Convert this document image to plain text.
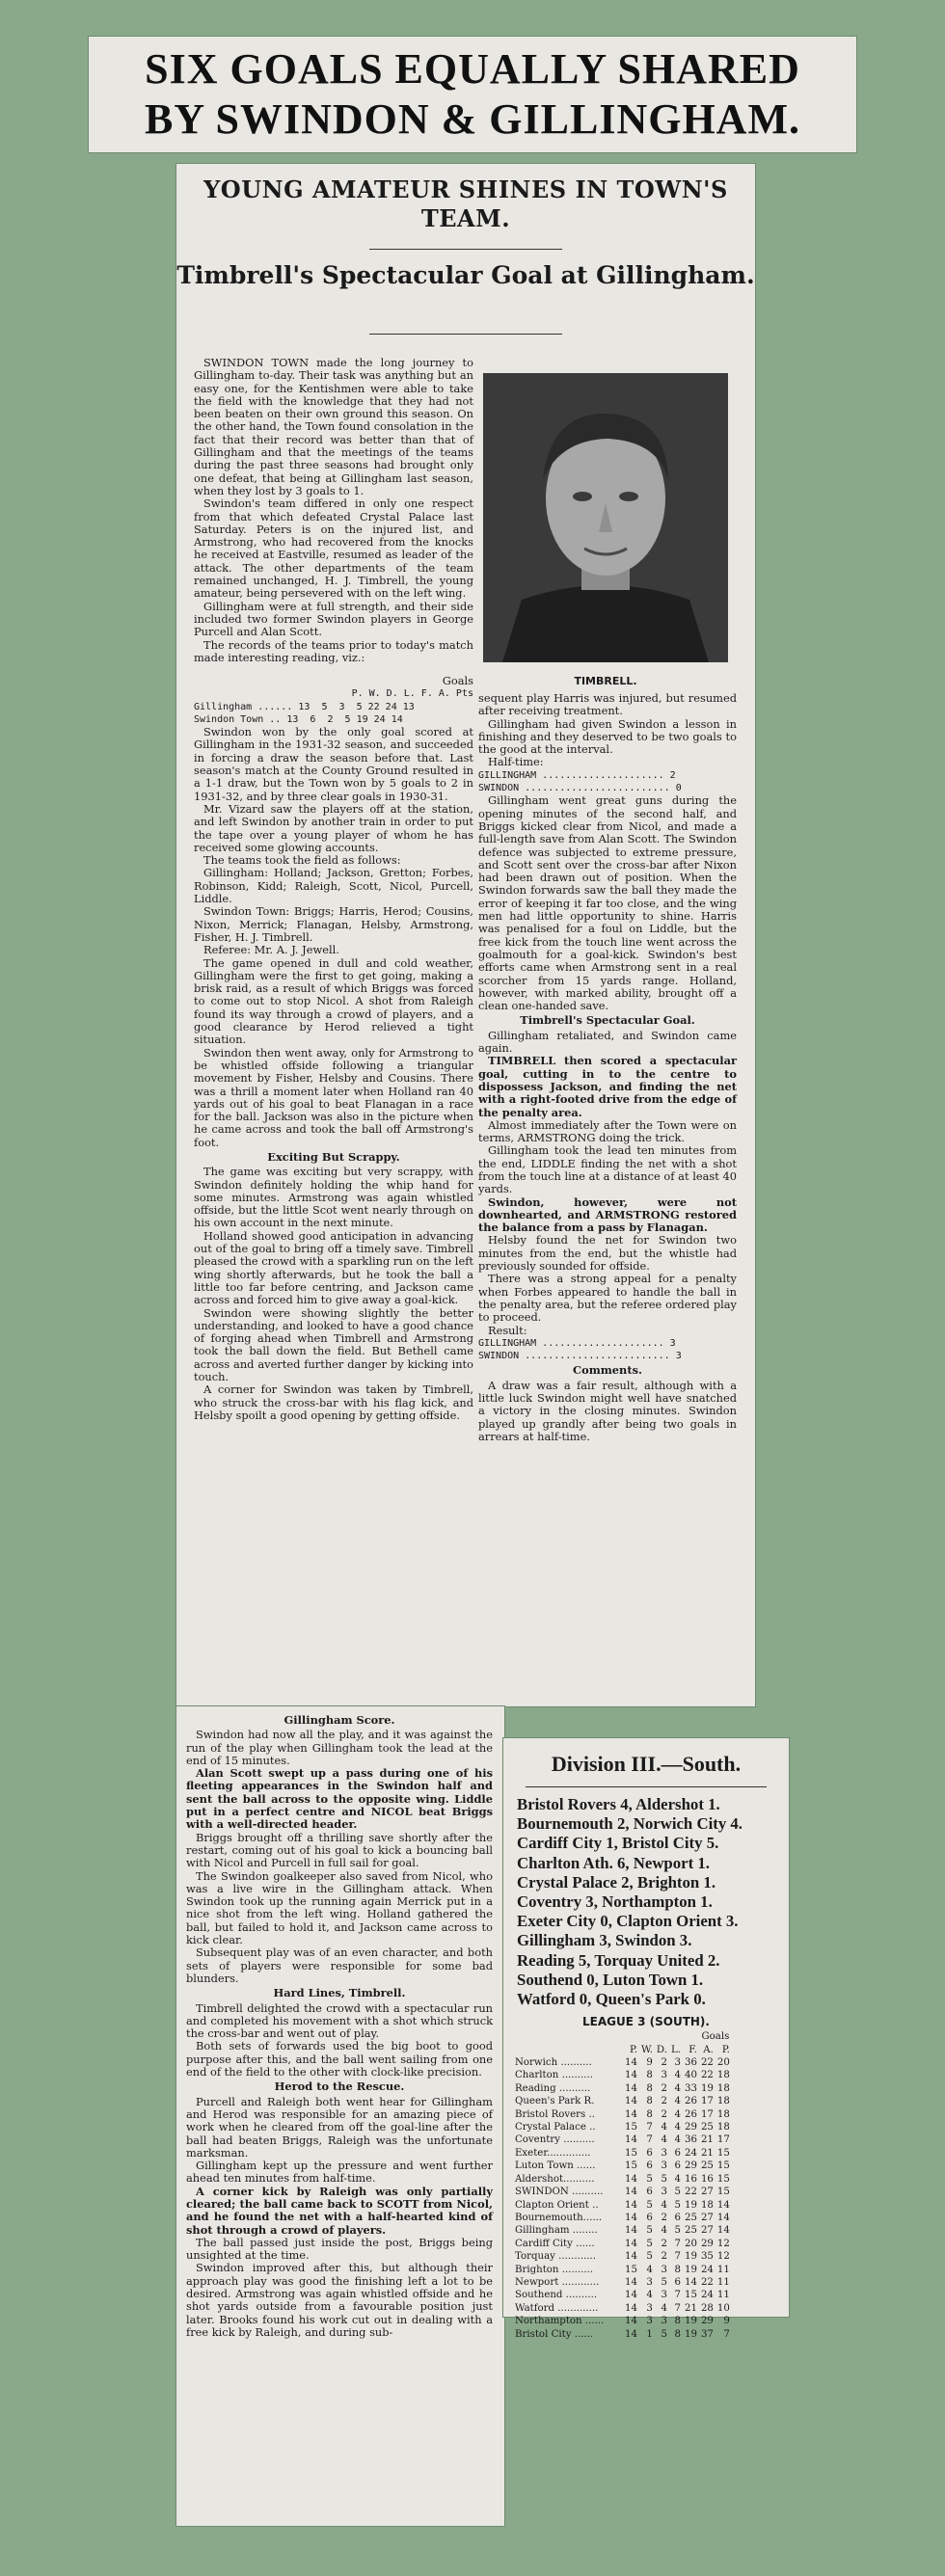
SIX GOALS EQUALLY SHARED
BY SWINDON & GILLINGHAM.
YOUNG AMATEUR SHINES IN TOWN'S TEAM.
Timbrell's Spectacular Goal at Gillingham.

SWINDON TOWN made the long journey to Gillingham to-day. Their task was anything but an easy one, for the Kentishmen were able to take the field with the knowledge that they had not been beaten on their own ground this season. On the other hand, the Town found consolation in the fact that their record was better than that of Gillingham and that the meetings of the teams during the past three seasons had brought only one defeat, that being at Gillingham last season, when they lost by 3 goals to 1.

Swindon's team differed in only one respect from that which defeated Crystal Palace last Saturday. Peters is on the injured list, and Armstrong, who had recovered from the knocks he received at Eastville, resumed as leader of the attack. The other departments of the team remained unchanged, H. J. Timbrell, the young amateur, being persevered with on the left wing.

Gillingham were at full strength, and their side included two former Swindon players in George Purcell and Alan Scott.

The records of the teams prior to today's match made interesting reading, viz.:

TIMBRELL.

Goals

P. W. D. L. F. A. Pts

Gillingham ...... 13  5  3  5 22 24 13

Swindon Town .. 13  6  2  5 19 24 14

Swindon won by the only goal scored at Gillingham in the 1931-32 season, and succeeded in forcing a draw the season before that. Last season's match at the County Ground resulted in a 1-1 draw, but the Town won by 5 goals to 2 in 1931-32, and by three clear goals in 1930-31.

Mr. Vizard saw the players off at the station, and left Swindon by another train in order to put the tape over a young player of whom he has received some glowing accounts.

The teams took the field as follows:

Gillingham: Holland; Jackson, Gretton; Forbes, Robinson, Kidd; Raleigh, Scott, Nicol, Purcell, Liddle.

Swindon Town: Briggs; Harris, Herod; Cousins, Nixon, Merrick; Flanagan, Helsby, Armstrong, Fisher, H. J. Timbrell.

Referee: Mr. A. J. Jewell.

The game opened in dull and cold weather, Gillingham were the first to get going, making a brisk raid, as a result of which Briggs was forced to come out to stop Nicol. A shot from Raleigh found its way through a crowd of players, and a good clearance by Herod relieved a tight situation.

Swindon then went away, only for Armstrong to be whistled offside following a triangular movement by Fisher, Helsby and Cousins. There was a thrill a moment later when Holland ran 40 yards out of his goal to beat Flanagan in a race for the ball. Jackson was also in the picture when he came across and took the ball off Armstrong's foot.

Exciting But Scrappy.

The game was exciting but very scrappy, with Swindon definitely holding the whip hand for some minutes. Armstrong was again whistled offside, but the little Scot went nearly through on his own account in the next minute.

Holland showed good anticipation in advancing out of the goal to bring off a timely save. Timbrell pleased the crowd with a sparkling run on the left wing shortly afterwards, but he took the ball a little too far before centring, and Jackson came across and forced him to give away a goal-kick.

Swindon were showing slightly the better understanding, and looked to have a good chance of forging ahead when Timbrell and Armstrong took the ball down the field. But Bethell came across and averted further danger by kicking into touch.

A corner for Swindon was taken by Timbrell, who struck the cross-bar with his flag kick, and Helsby spoilt a good opening by getting offside.

sequent play Harris was injured, but resumed after receiving treatment.

Gillingham had given Swindon a lesson in finishing and they deserved to be two goals to the good at the interval.

Half-time:

GILLINGHAM ..................... 2

SWINDON ......................... 0

Gillingham went great guns during the opening minutes of the second half, and Briggs kicked clear from Nicol, and made a full-length save from Alan Scott. The Swindon defence was subjected to extreme pressure, and Scott sent over the cross-bar after Nixon had been drawn out of position. When the Swindon forwards saw the ball they made the error of keeping it far too close, and the wing men had little opportunity to shine. Harris was penalised for a foul on Liddle, but the free kick from the touch line went across the goalmouth for a goal-kick. Swindon's best efforts came when Armstrong sent in a real scorcher from 15 yards range. Holland, however, with marked ability, brought off a clean one-handed save.

Timbrell's Spectacular Goal.

Gillingham retaliated, and Swindon came again.

TIMBRELL then scored a spectacular goal, cutting in to the centre to dispossess Jackson, and finding the net with a right-footed drive from the edge of the penalty area.

Almost immediately after the Town were on terms, ARMSTRONG doing the trick.

Gillingham took the lead ten minutes from the end, LIDDLE finding the net with a shot from the touch line at a distance of at least 40 yards.

Swindon, however, were not downhearted, and ARMSTRONG restored the balance from a pass by Flanagan.

Helsby found the net for Swindon two minutes from the end, but the whistle had previously sounded for offside.

There was a strong appeal for a penalty when Forbes appeared to handle the ball in the penalty area, but the referee ordered play to proceed.

Result:

GILLINGHAM ..................... 3

SWINDON ......................... 3

Comments.

A draw was a fair result, although with a little luck Swindon might well have snatched a victory in the closing minutes. Swindon played up grandly after being two goals in arrears at half-time.

Gillingham Score.

Swindon had now all the play, and it was against the run of the play when Gillingham took the lead at the end of 15 minutes.

Alan Scott swept up a pass during one of his fleeting appearances in the Swindon half and sent the ball across to the opposite wing. Liddle put in a perfect centre and NICOL beat Briggs with a well-directed header.

Briggs brought off a thrilling save shortly after the restart, coming out of his goal to kick a bouncing ball with Nicol and Purcell in full sail for goal.

The Swindon goalkeeper also saved from Nicol, who was a live wire in the Gillingham attack. When Swindon took up the running again Merrick put in a nice shot from the left wing. Holland gathered the ball, but failed to hold it, and Jackson came across to kick clear.

Subsequent play was of an even character, and both sets of players were responsible for some bad blunders.

Hard Lines, Timbrell.

Timbrell delighted the crowd with a spectacular run and completed his movement with a shot which struck the cross-bar and went out of play.

Both sets of forwards used the big boot to good purpose after this, and the ball went sailing from one end of the field to the other with clock-like precision.

Herod to the Rescue.

Purcell and Raleigh both went hear for Gillingham and Herod was responsible for an amazing piece of work when he cleared from off the goal-line after the ball had beaten Briggs, Raleigh was the unfortunate marksman.

Gillingham kept up the pressure and went further ahead ten minutes from half-time.

A corner kick by Raleigh was only partially cleared; the ball came back to SCOTT from Nicol, and he found the net with a half-hearted kind of shot through a crowd of players.

The ball passed just inside the post, Briggs being unsighted at the time.

Swindon improved after this, but although their approach play was good the finishing left a lot to be desired. Armstrong was again whistled offside and he shot yards outside from a favourable position just later. Brooks found his work cut out in dealing with a free kick by Raleigh, and during sub-

Division III.—South.
Bristol Rovers 4, Aldershot 1.
Bournemouth 2, Norwich City 4.
Cardiff City 1, Bristol City 5.
Charlton Ath. 6, Newport 1.
Crystal Palace 2, Brighton 1.
Coventry 3, Northampton 1.
Exeter City 0, Clapton Orient 3.
Gillingham 3, Swindon 3.
Reading 5, Torquay United 2.
Southend 0, Luton Town 1.
Watford 0, Queen's Park 0.
LEAGUE 3 (SOUTH).
						Goals	
	P.	W.	D.	L.	F.	A.	P.
Norwich ..........	14	9	2	3	36	22	20
Charlton ..........	14	8	3	4	40	22	18
Reading ..........	14	8	2	4	33	19	18
Queen's Park R.	14	8	2	4	26	17	18
Bristol Rovers ..	14	8	2	4	26	17	18
Crystal Palace ..	15	7	4	4	29	25	18
Coventry ..........	14	7	4	4	36	21	17
Exeter..............	15	6	3	6	24	21	15
Luton Town ......	15	6	3	6	29	25	15
Aldershot..........	14	5	5	4	16	16	15
SWINDON ..........	14	6	3	5	22	27	15
Clapton Orient ..	14	5	4	5	19	18	14
Bournemouth......	14	6	2	6	25	27	14
Gillingham ........	14	5	4	5	25	27	14
Cardiff City ......	14	5	2	7	20	29	12
Torquay ............	14	5	2	7	19	35	12
Brighton ..........	15	4	3	8	19	24	11
Newport ............	14	3	5	6	14	22	11
Southend ..........	14	4	3	7	15	24	11
Watford .............	14	3	4	7	21	28	10
Northampton ......	14	3	3	8	19	29	9
Bristol City ......	14	1	5	8	19	37	7
